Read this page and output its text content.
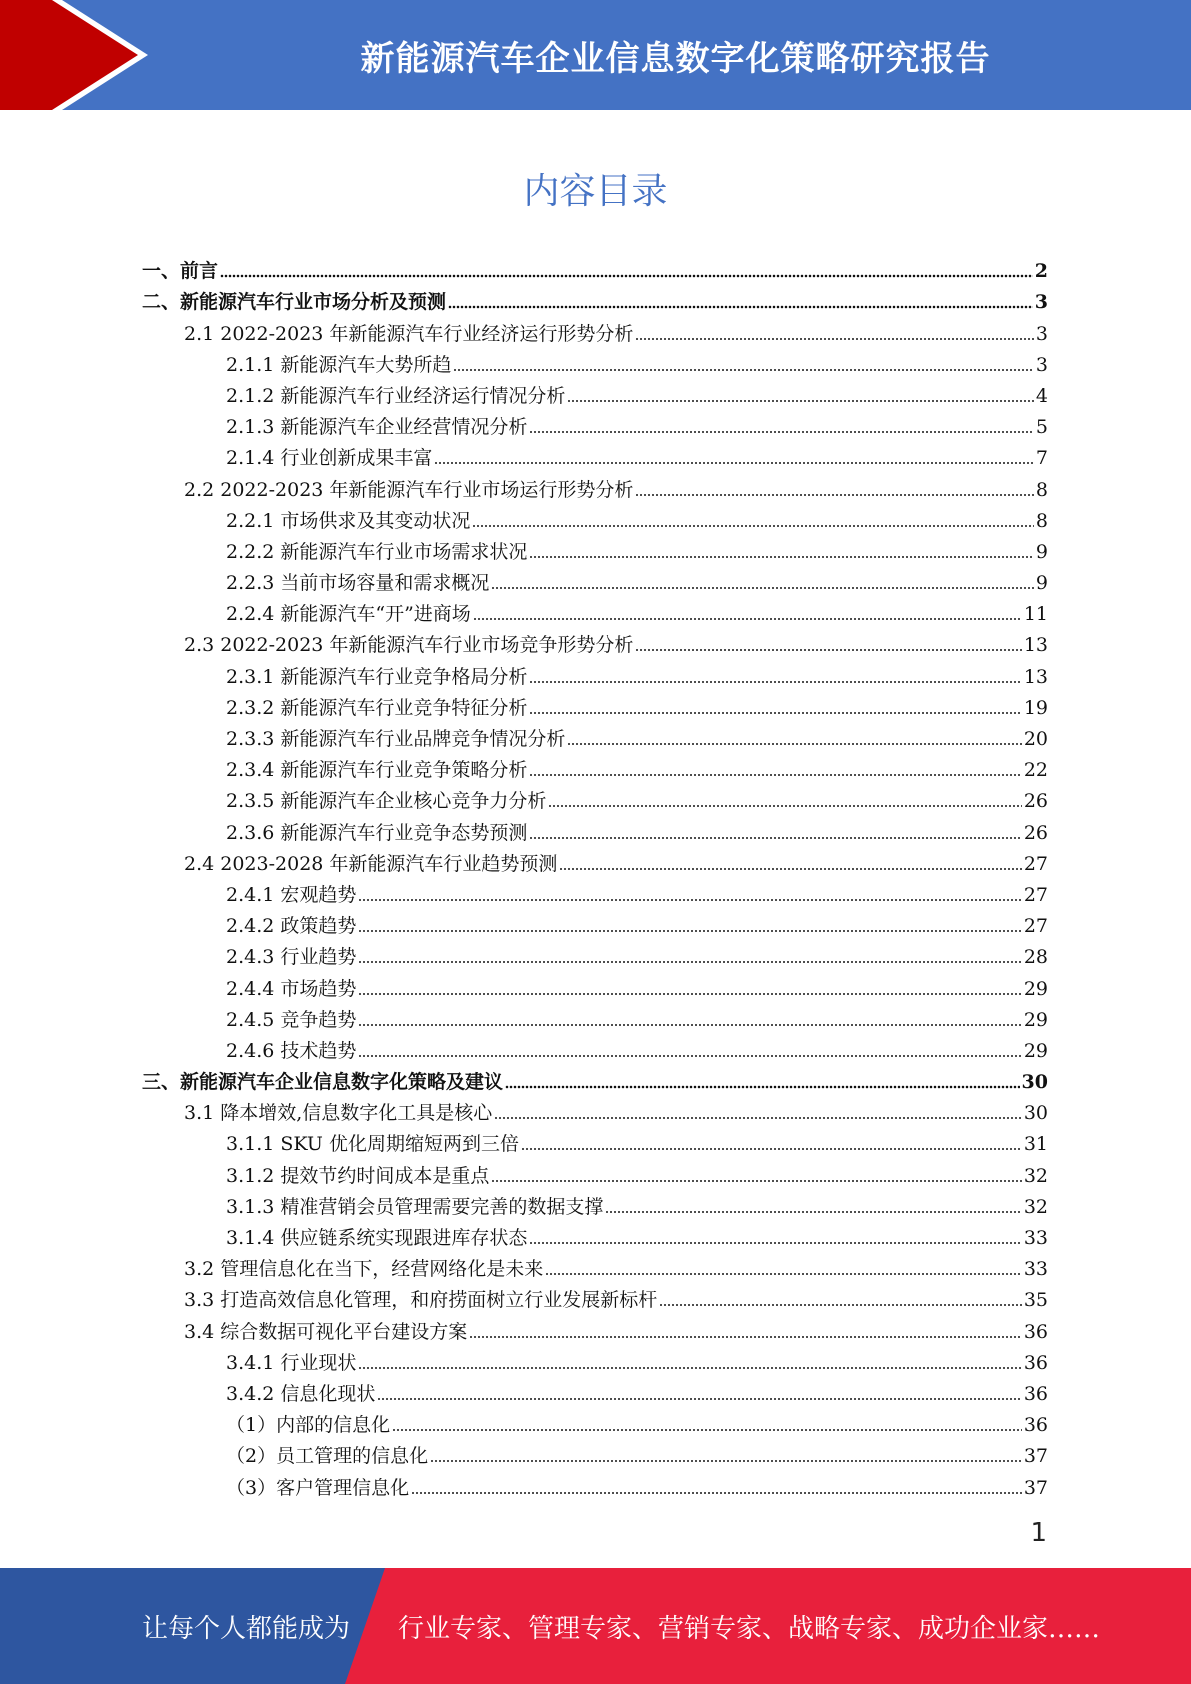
新能源汽车企业信息数字化策略研究报告
内容目录
一、前言	2
二、新能源汽车行业市场分析及预测	3
2.1 2022-2023 年新能源汽车行业经济运行形势分析	3
2.1.1 新能源汽车大势所趋	3
2.1.2 新能源汽车行业经济运行情况分析	4
2.1.3 新能源汽车企业经营情况分析	5
2.1.4 行业创新成果丰富	7
2.2 2022-2023 年新能源汽车行业市场运行形势分析	8
2.2.1 市场供求及其变动状况	8
2.2.2 新能源汽车行业市场需求状况	9
2.2.3 当前市场容量和需求概况	9
2.2.4 新能源汽车“开”进商场	11
2.3 2022-2023 年新能源汽车行业市场竞争形势分析	13
2.3.1 新能源汽车行业竞争格局分析	13
2.3.2 新能源汽车行业竞争特征分析	19
2.3.3 新能源汽车行业品牌竞争情况分析	20
2.3.4 新能源汽车行业竞争策略分析	22
2.3.5 新能源汽车企业核心竞争力分析	26
2.3.6 新能源汽车行业竞争态势预测	26
2.4 2023-2028 年新能源汽车行业趋势预测	27
2.4.1 宏观趋势	27
2.4.2 政策趋势	27
2.4.3 行业趋势	28
2.4.4 市场趋势	29
2.4.5 竞争趋势	29
2.4.6 技术趋势	29
三、新能源汽车企业信息数字化策略及建议	30
3.1 降本增效,信息数字化工具是核心	30
3.1.1 SKU 优化周期缩短两到三倍	31
3.1.2 提效节约时间成本是重点	32
3.1.3 精准营销会员管理需要完善的数据支撑	32
3.1.4 供应链系统实现跟进库存状态	33
3.2 管理信息化在当下，经营网络化是未来	33
3.3 打造高效信息化管理，和府捞面树立行业发展新标杆	35
3.4 综合数据可视化平台建设方案	36
3.4.1 行业现状	36
3.4.2 信息化现状	36
（1）内部的信息化	36
（2）员工管理的信息化	37
（3）客户管理信息化	37
1
让每个人都能成为 行业专家、管理专家、营销专家、战略专家、成功企业家……
